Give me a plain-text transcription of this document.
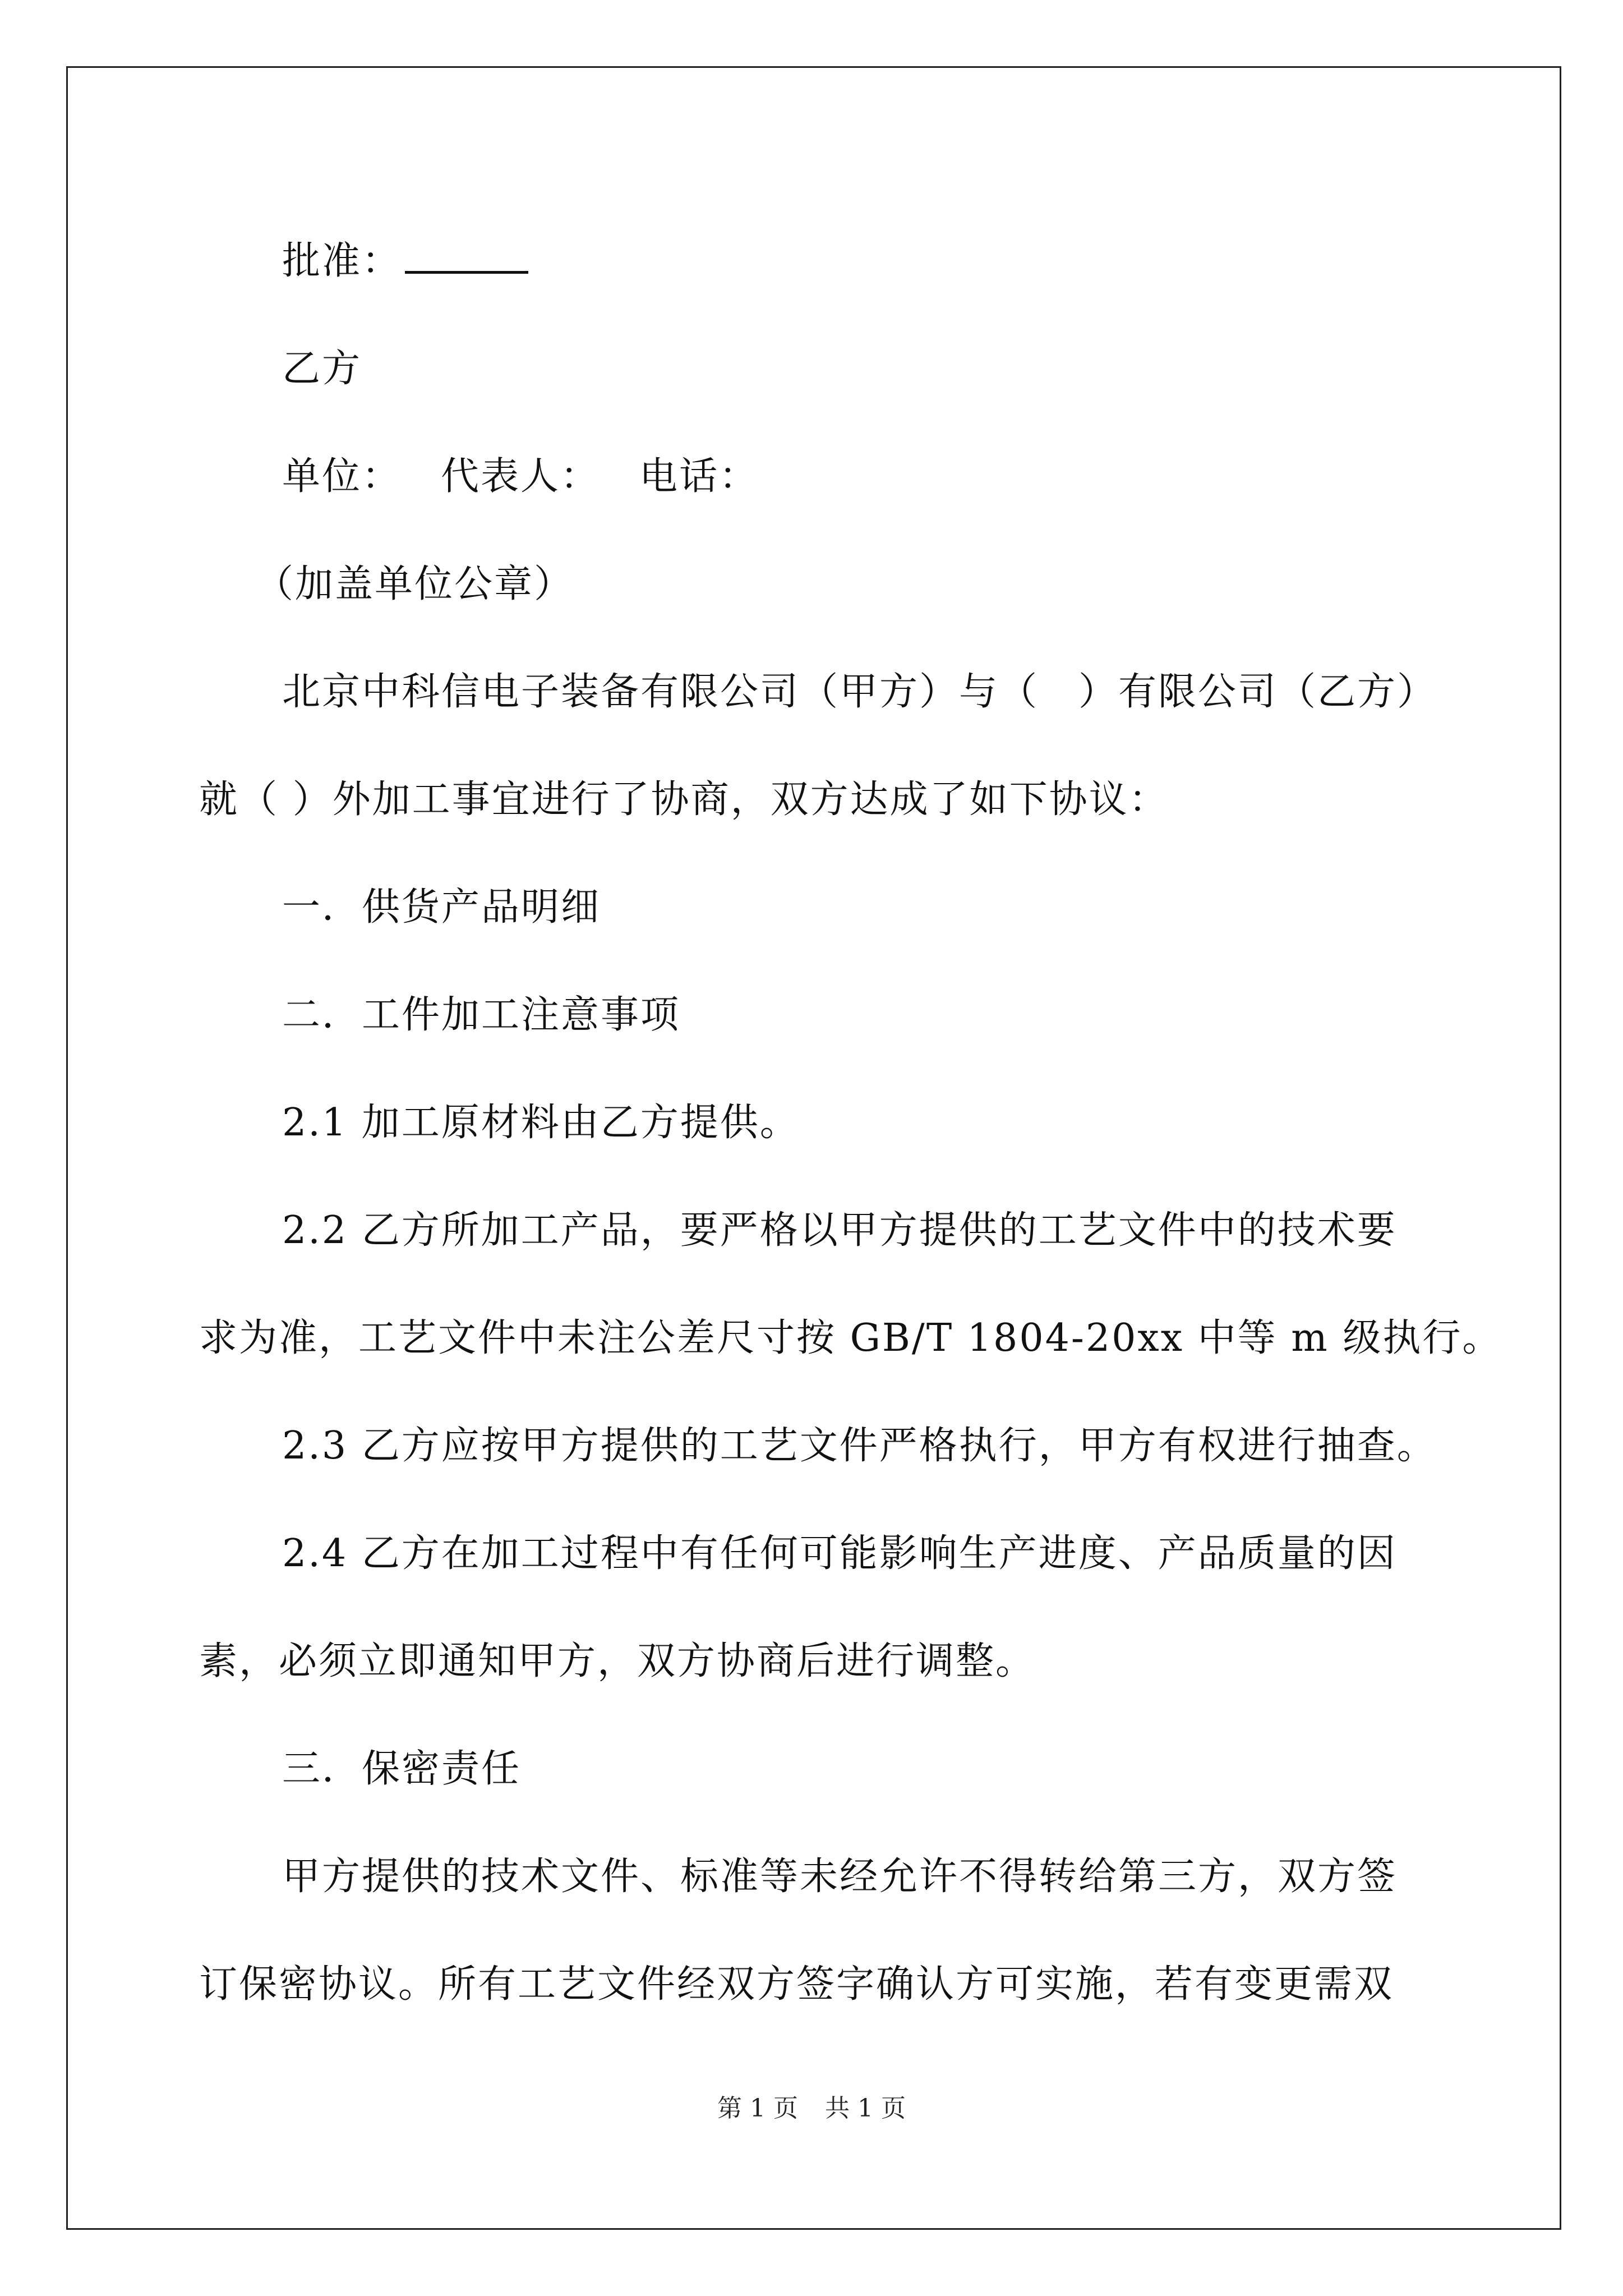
批准：
乙方
单位： 代表人： 电话：
（加盖单位公章）
北京中科信电子装备有限公司（甲方）与（　）有限公司（乙方）
就（ ）外加工事宜进行了协商，双方达成了如下协议：
一．供货产品明细
二．工件加工注意事项
2.1 加工原材料由乙方提供。
2.2 乙方所加工产品，要严格以甲方提供的工艺文件中的技术要
求为准，工艺文件中未注公差尺寸按 GB/T 1804-20xx 中等 m 级执行。
2.3 乙方应按甲方提供的工艺文件严格执行，甲方有权进行抽查。
2.4 乙方在加工过程中有任何可能影响生产进度、产品质量的因
素，必须立即通知甲方，双方协商后进行调整。
三．保密责任
甲方提供的技术文件、标准等未经允许不得转给第三方，双方签
订保密协议。所有工艺文件经双方签字确认方可实施，若有变更需双
第 1 页 共 1 页
